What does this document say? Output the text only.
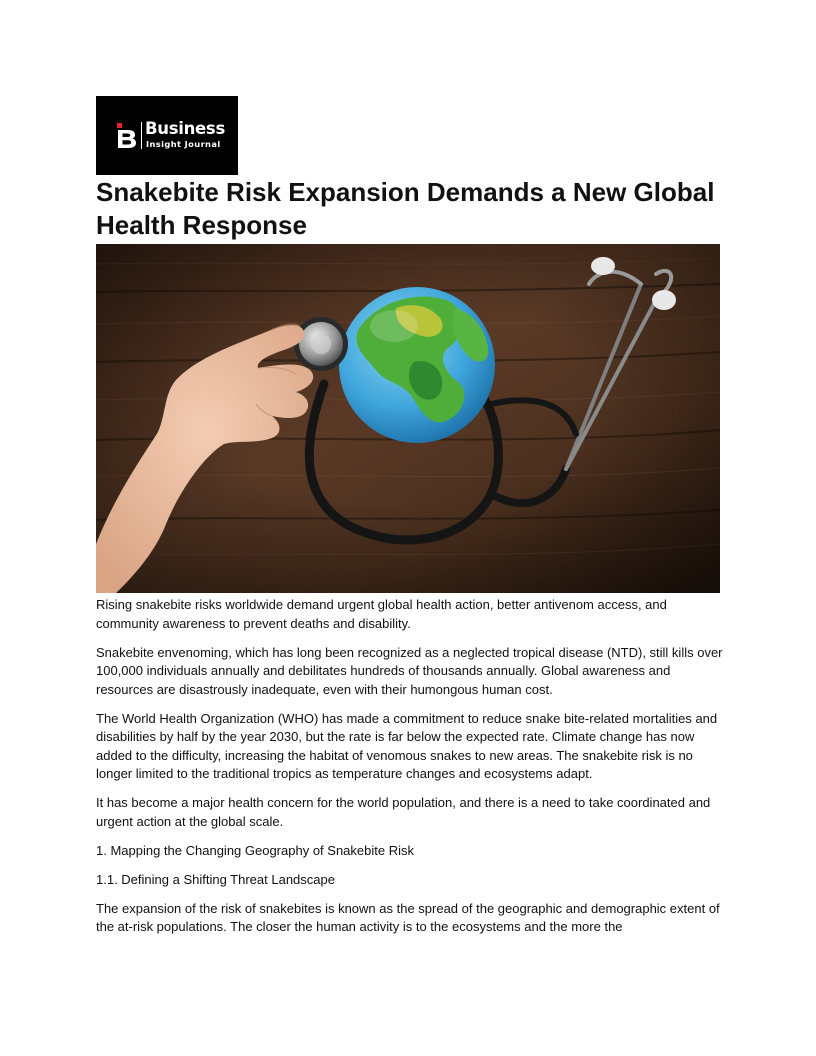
Business
Insight Journal
Snakebite Risk Expansion Demands a New Global Health Response

Rising snakebite risks worldwide demand urgent global health action, better antivenom access, and community awareness to prevent deaths and disability.

Snakebite envenoming, which has long been recognized as a neglected tropical disease (NTD), still kills over 100,000 individuals annually and debilitates hundreds of thousands annually. Global awareness and resources are disastrously inadequate, even with their humongous human cost.

The World Health Organization (WHO) has made a commitment to reduce snake bite-related mortalities and disabilities by half by the year 2030, but the rate is far below the expected rate. Climate change has now added to the difficulty, increasing the habitat of venomous snakes to new areas. The snakebite risk is no longer limited to the traditional tropics as temperature changes and ecosystems adapt.

It has become a major health concern for the world population, and there is a need to take coordinated and urgent action at the global scale.

1. Mapping the Changing Geography of Snakebite Risk

1.1. Defining a Shifting Threat Landscape

The expansion of the risk of snakebites is known as the spread of the geographic and demographic extent of the at-risk populations. The closer the human activity is to the ecosystems and the more the
